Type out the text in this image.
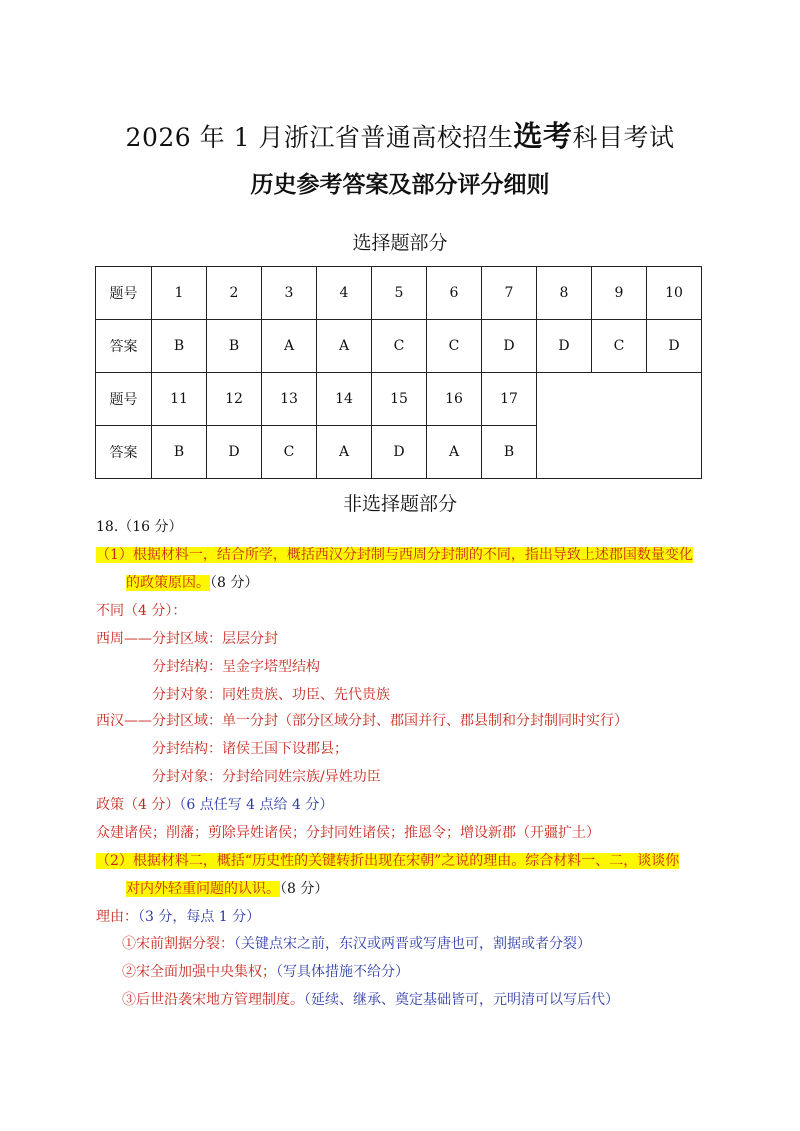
2026 年 1 月浙江省普通高校招生选考科目考试
历史参考答案及部分评分细则
选择题部分
题号	1	2	3	4	5	6	7	8	9	10
答案	B	B	A	A	C	C	D	D	C	D
题号	11	12	13	14	15	16	17			
答案	B	D	C	A	D	A	B			
非选择题部分
18.（16 分）
（1）根据材料一，结合所学，概括西汉分封制与西周分封制的不同，指出导致上述郡国数量变化
的政策原因。（8 分）
不同（4 分）：
西周——分封区域：层层分封
分封结构：呈金字塔型结构
分封对象：同姓贵族、功臣、先代贵族
西汉——分封区域：单一分封（部分区域分封、郡国并行、郡县制和分封制同时实行）
分封结构：诸侯王国下设郡县；
分封对象：分封给同姓宗族/异姓功臣
政策（4 分）（6 点任写 4 点给 4 分）
众建诸侯；削藩；剪除异姓诸侯；分封同姓诸侯；推恩令；增设新郡（开疆扩土）
（2）根据材料二，概括“历史性的关键转折出现在宋朝”之说的理由。综合材料一、二，谈谈你
对内外轻重问题的认识。（8 分）
理由：（3 分，每点 1 分）
①宋前割据分裂：（关键点宋之前，东汉或两晋或写唐也可，割据或者分裂）
②宋全面加强中央集权；（写具体措施不给分）
③后世沿袭宋地方管理制度。（延续、继承、奠定基础皆可，元明清可以写后代）
